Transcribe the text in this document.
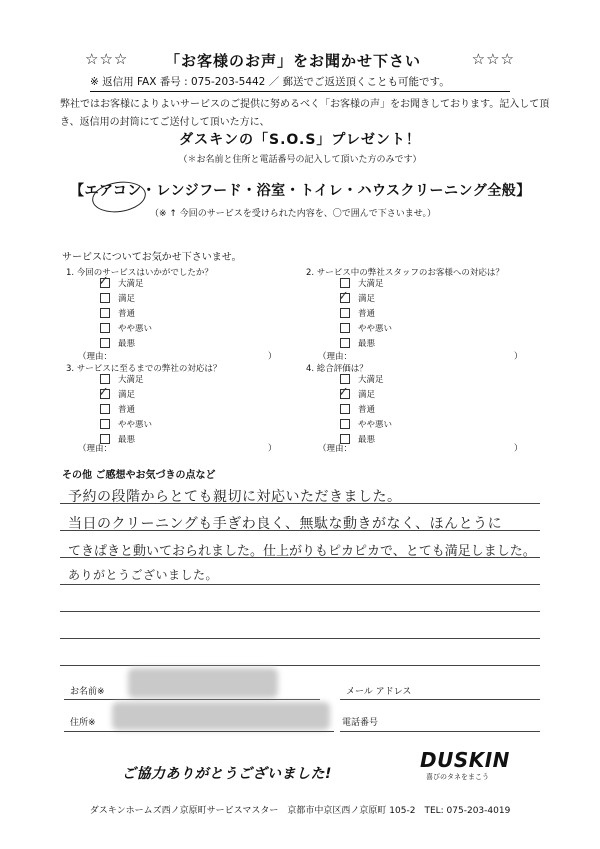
☆☆☆ 「お客様のお声」をお聞かせ下さい	☆☆☆
※ 返信用 FAX 番号 : 075-203-5442 ／ 郵送でご返送頂くことも可能です。
弊社ではお客様によりよいサービスのご提供に努めるべく「お客様の声」をお聞きしております。記入して頂き、返信用の封筒にてご送付して頂いた方に、
ダスキンの「S.O.S」プレゼント！
（＊お名前と住所と電話番号の記入して頂いた方のみです）
【エアコン・レンジフード・浴室・トイレ・ハウスクリーニング全般】
（※ ↑ 今回のサービスを受けられた内容を、〇で囲んで下さいませ。）
サービスについてお気かせ下さいませ。
1. 今回のサービスはいかがでしたか？
大満足
満足
普通
やや悪い
最悪
✓
（理由：	）
2. サービス中の弊社スタッフのお客様への対応は？
大満足
満足
普通
やや悪い
最悪
✓
（理由：	）
3. サービスに至るまでの弊社の対応は？
大満足
満足
普通
やや悪い
最悪
✓
（理由：	）
4. 総合評価は？
大満足
満足
普通
やや悪い
最悪
✓
（理由：	）
その他 ご感想やお気づきの点など
予約の段階からとても親切に対応いただきました。
当日のクリーニングも手ぎわ良く、無駄な動きがなく、ほんとうに
てきぱきと動いておられました。仕上がりもピカピカで、とても満足しました。
ありがとうございました。
お名前※	メール アドレス
住所※	電話番号
ご協力ありがとうございました!
DUSKIN
喜びのタネをまこう
ダスキンホームズ西ノ京原町サービスマスター　京都市中京区西ノ京原町 105-2　TEL: 075-203-4019
